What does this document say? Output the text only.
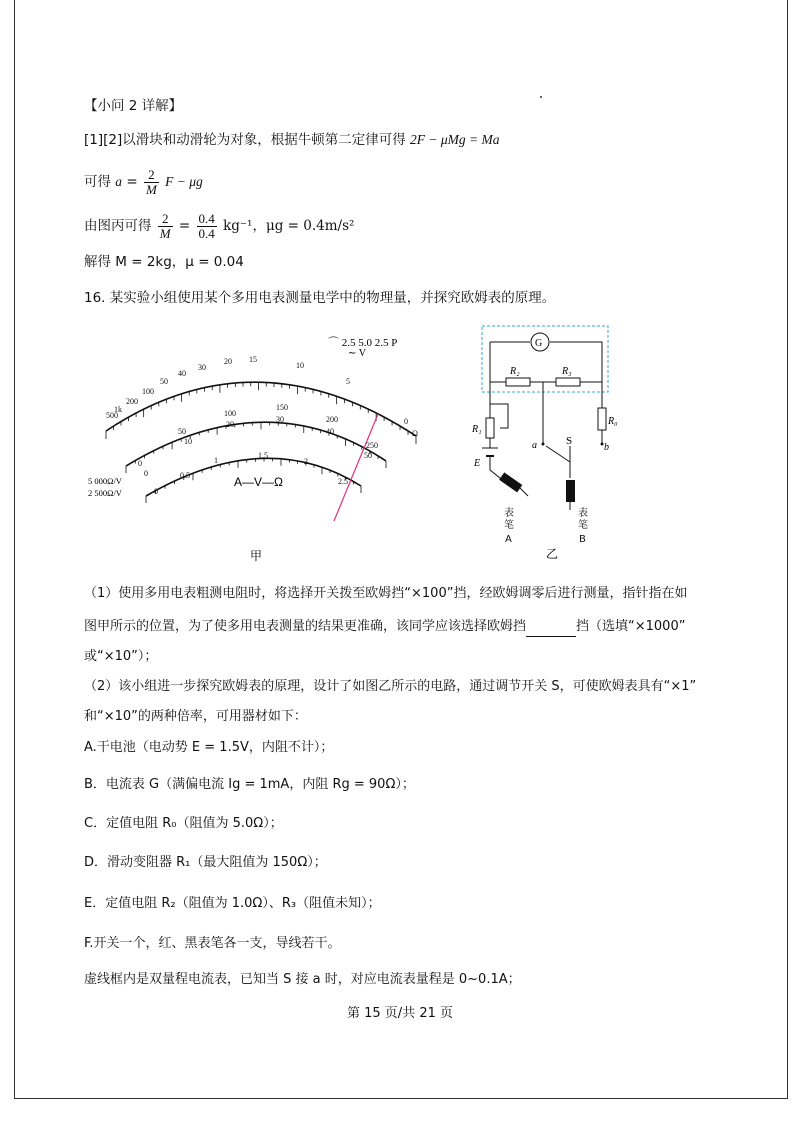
【小问 2 详解】
[1][2]以滑块和动滑轮为对象，根据牛顿第二定律可得 2F − μMg = Ma
可得 $a = \frac{2}{M}$ F − μg
由图丙可得 $\frac{2}{M} = \frac{0.4}{0.4} kg^{-1}$，μg = 0.4m/s²
解得 M = 2kg，μ = 0.04
16. 某实验小组使用某个多用电表测量电学中的物理量，并探究欧姆表的原理。
⌒ 2.5 5.0 2.5 P
∼ V
500
1k
200
100
50
40
30
20 15
10
5
0
Ω
0
50
100
150
200
250
0
10
20
30
40
50
0
0.5
1
1.5
2
2.5
5 000Ω/V
2 500Ω/V
A—V—Ω
甲
G
R₂	R₃
R₁
R₀
E
a	b
S
表
笔
A
表
笔
B
乙
（1）使用多用电表粗测电阻时，将选择开关拨至欧姆挡“×100”挡，经欧姆调零后进行测量，指针指在如
图甲所示的位置，为了使多用电表测量的结果更准确，该同学应该选择欧姆挡	挡（选填“×1000”
或“×10”）；
（2）该小组进一步探究欧姆表的原理，设计了如图乙所示的电路，通过调节开关 S，可使欧姆表具有“×1”
和“×10”的两种倍率，可用器材如下：
A.干电池（电动势 E = 1.5V，内阻不计）；
B．电流表 G（满偏电流 Ig = 1mA，内阻 Rg = 90Ω）；
C．定值电阻 R₀（阻值为 5.0Ω）；
D．滑动变阻器 R₁（最大阻值为 150Ω）；
E．定值电阻 R₂（阻值为 1.0Ω）、R₃（阻值未知）；
F.开关一个，红、黑表笔各一支，导线若干。
虚线框内是双量程电流表，已知当 S 接 a 时，对应电流表量程是 0~0.1A；
第 15 页/共 21 页
